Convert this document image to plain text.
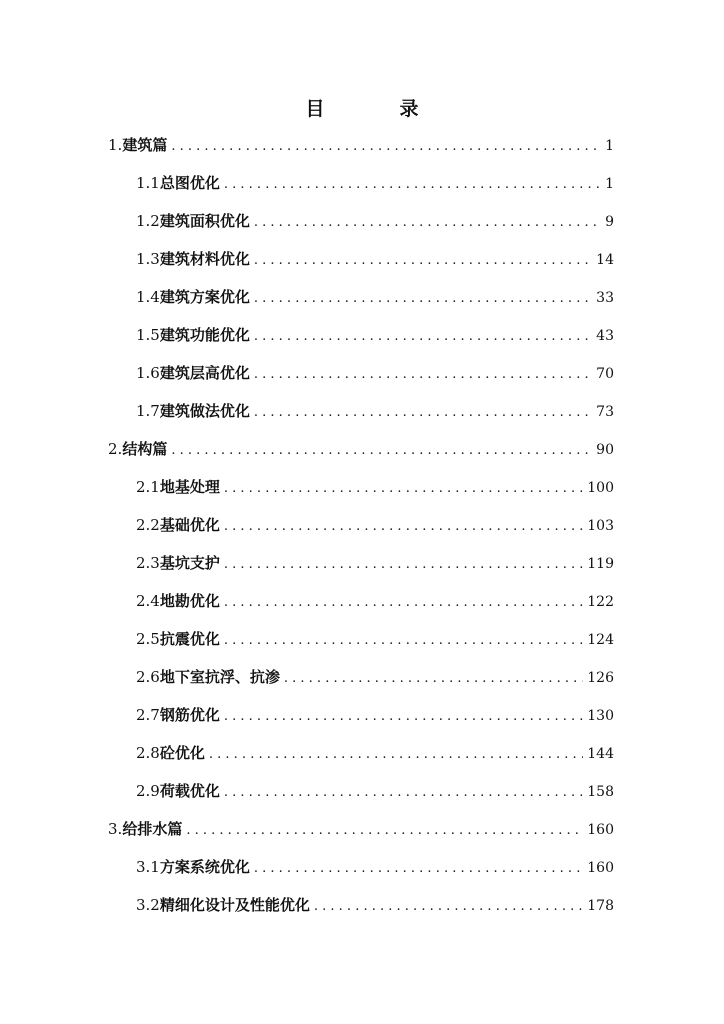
目　录
1. 建筑篇 . . .	1
1.1 总图优化 . . .	1
1.2 建筑面积优化 . . .	9
1.3 建筑材料优化 . . .	14
1.4 建筑方案优化 . . .	33
1.5 建筑功能优化 . . .	43
1.6 建筑层高优化 . . .	70
1.7 建筑做法优化 . . .	73
2. 结构篇 . . .	90
2.1 地基处理 . . .	100
2.2 基础优化 . . .	103
2.3 基坑支护 . . .	119
2.4 地勘优化 . . .	122
2.5 抗震优化 . . .	124
2.6 地下室抗浮、抗渗 . . .	126
2.7 钢筋优化 . . .	130
2.8 砼优化 . . .	144
2.9 荷载优化 . . .	158
3. 给排水篇 . . .	160
3.1 方案系统优化 . . .	160
3.2 精细化设计及性能优化 . . .	178
